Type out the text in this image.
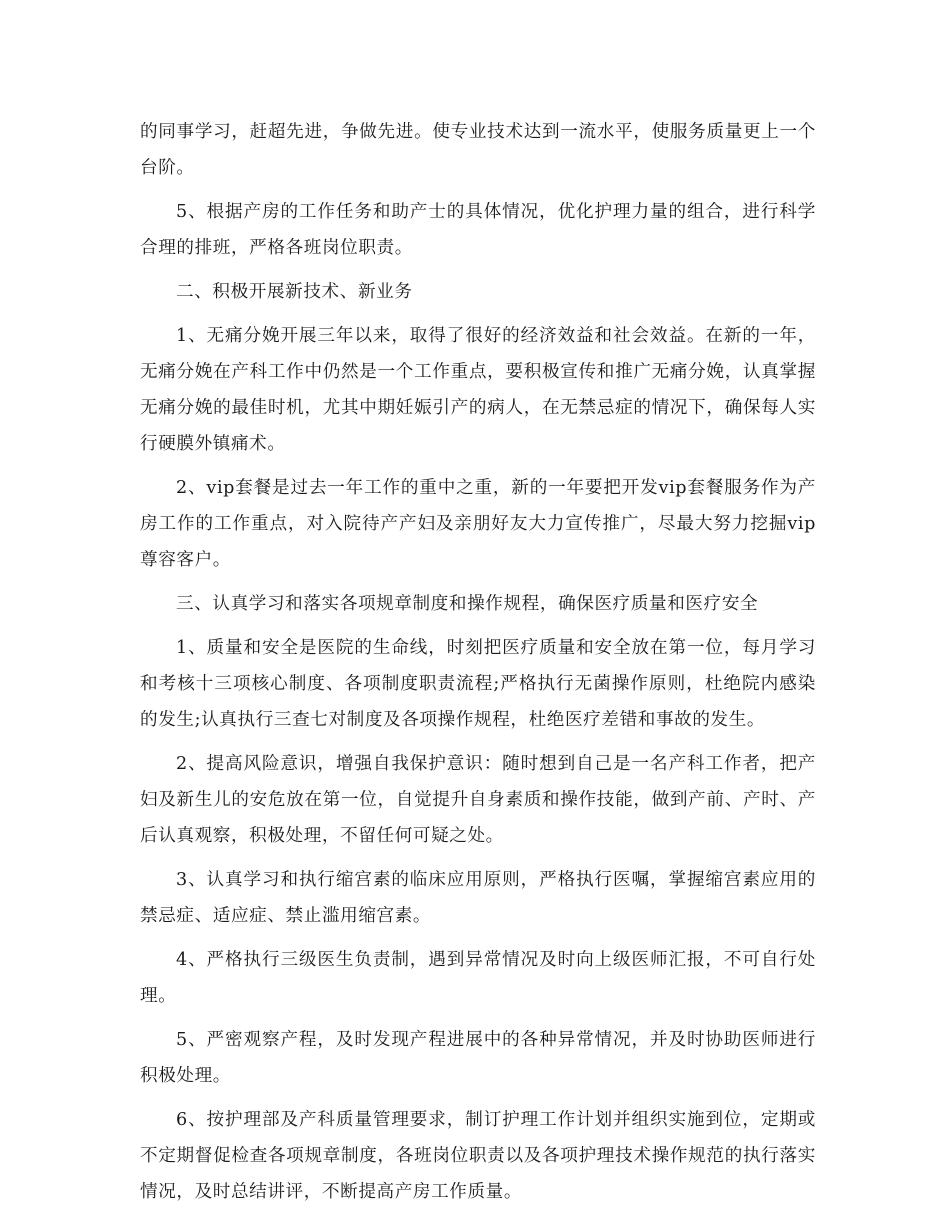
的同事学习，赶超先进，争做先进。使专业技术达到一流水平，使服务质量更上一个台阶。

5、根据产房的工作任务和助产士的具体情况，优化护理力量的组合，进行科学合理的排班，严格各班岗位职责。

二、积极开展新技术、新业务

1、无痛分娩开展三年以来，取得了很好的经济效益和社会效益。在新的一年，无痛分娩在产科工作中仍然是一个工作重点，要积极宣传和推广无痛分娩，认真掌握无痛分娩的最佳时机，尤其中期妊娠引产的病人，在无禁忌症的情况下，确保每人实行硬膜外镇痛术。

2、vip套餐是过去一年工作的重中之重，新的一年要把开发vip套餐服务作为产房工作的工作重点，对入院待产产妇及亲朋好友大力宣传推广，尽最大努力挖掘vip尊容客户。

三、认真学习和落实各项规章制度和操作规程，确保医疗质量和医疗安全

1、质量和安全是医院的生命线，时刻把医疗质量和安全放在第一位，每月学习和考核十三项核心制度、各项制度职责流程;严格执行无菌操作原则，杜绝院内感染的发生;认真执行三查七对制度及各项操作规程，杜绝医疗差错和事故的发生。

2、提高风险意识，增强自我保护意识：随时想到自己是一名产科工作者，把产妇及新生儿的安危放在第一位，自觉提升自身素质和操作技能，做到产前、产时、产后认真观察，积极处理，不留任何可疑之处。

3、认真学习和执行缩宫素的临床应用原则，严格执行医嘱，掌握缩宫素应用的禁忌症、适应症、禁止滥用缩宫素。

4、严格执行三级医生负责制，遇到异常情况及时向上级医师汇报，不可自行处理。

5、严密观察产程，及时发现产程进展中的各种异常情况，并及时协助医师进行积极处理。

6、按护理部及产科质量管理要求，制订护理工作计划并组织实施到位，定期或不定期督促检查各项规章制度，各班岗位职责以及各项护理技术操作规范的执行落实情况，及时总结讲评，不断提高产房工作质量。
